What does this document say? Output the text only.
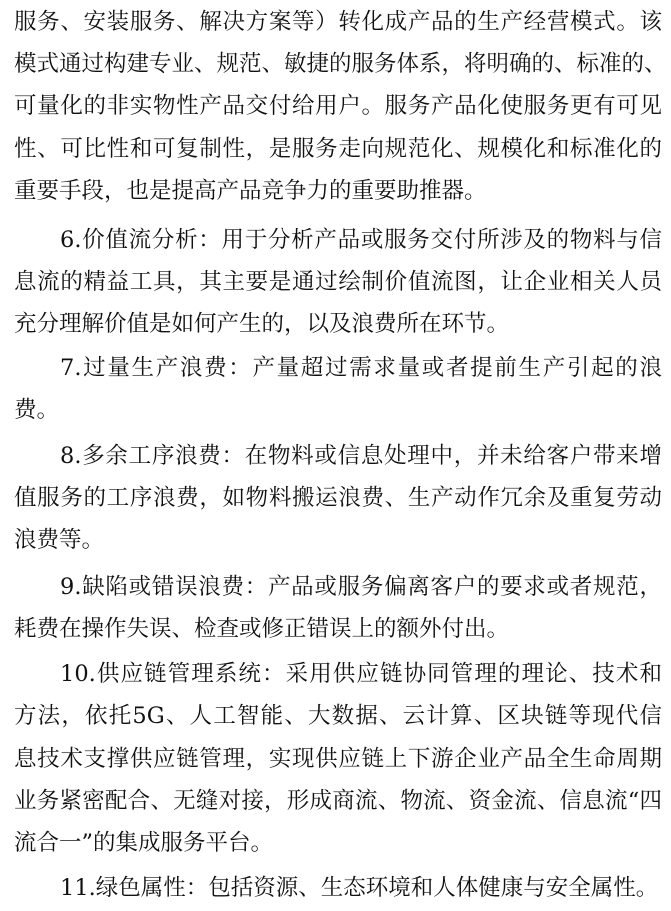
服务、安装服务、解决方案等）转化成产品的生产经营模式。该
模式通过构建专业、规范、敏捷的服务体系，将明确的、标准的、
可量化的非实物性产品交付给用户。服务产品化使服务更有可见
性、可比性和可复制性，是服务走向规范化、规模化和标准化的
重要手段，也是提高产品竞争力的重要助推器。
6.价值流分析：用于分析产品或服务交付所涉及的物料与信
息流的精益工具，其主要是通过绘制价值流图，让企业相关人员
充分理解价值是如何产生的，以及浪费所在环节。
7.过量生产浪费：产量超过需求量或者提前生产引起的浪
费。
8.多余工序浪费：在物料或信息处理中，并未给客户带来增
值服务的工序浪费，如物料搬运浪费、生产动作冗余及重复劳动
浪费等。
9.缺陷或错误浪费：产品或服务偏离客户的要求或者规范，
耗费在操作失误、检查或修正错误上的额外付出。
10.供应链管理系统：采用供应链协同管理的理论、技术和
方法，依托5G、人工智能、大数据、云计算、区块链等现代信
息技术支撑供应链管理，实现供应链上下游企业产品全生命周期
业务紧密配合、无缝对接，形成商流、物流、资金流、信息流“四
流合一”的集成服务平台。
11.绿色属性：包括资源、生态环境和人体健康与安全属性。
